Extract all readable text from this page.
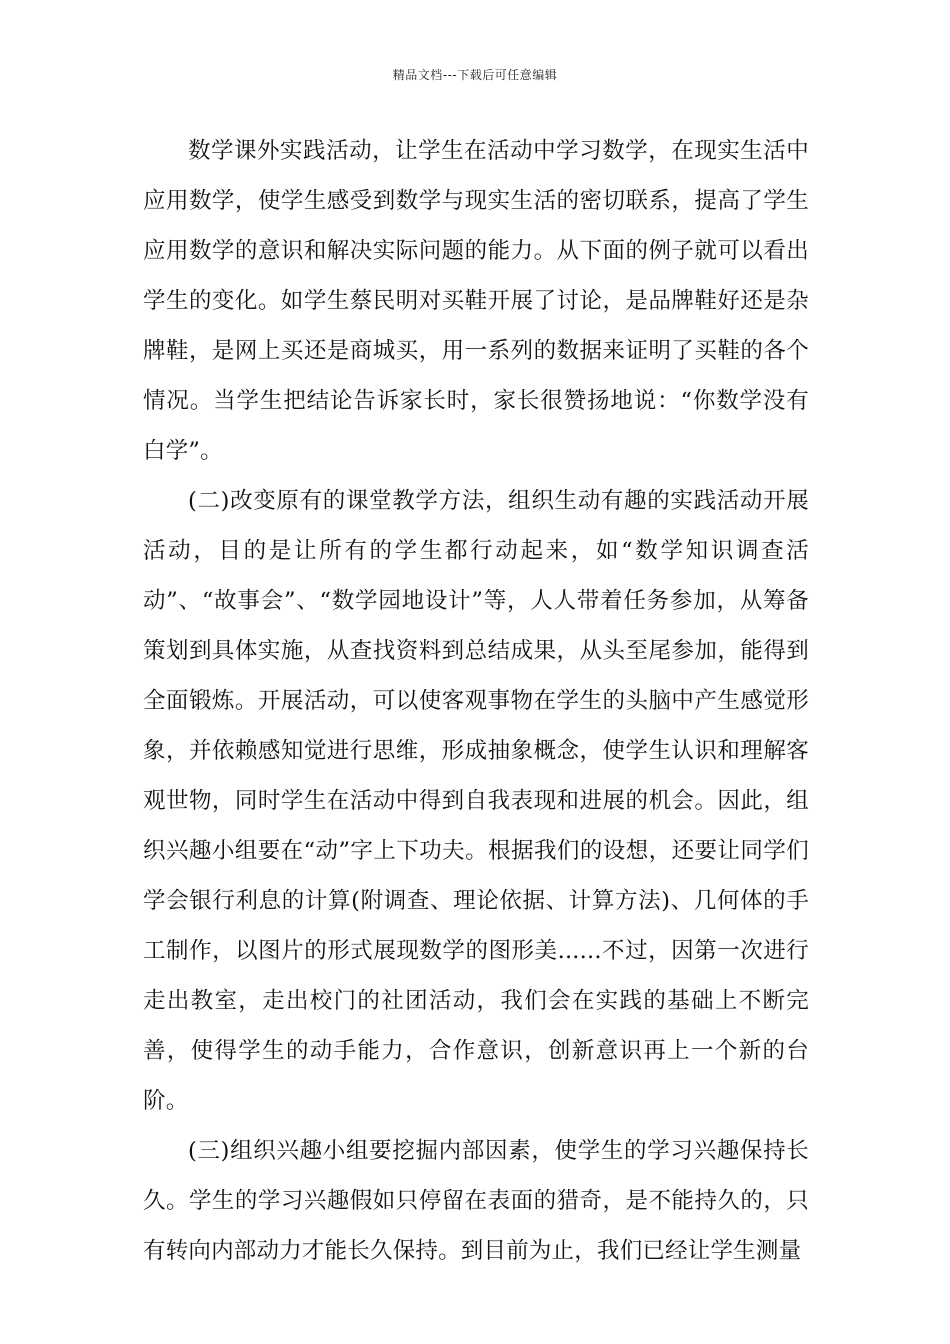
精品文档---下载后可任意编辑

数学课外实践活动，让学生在活动中学习数学，在现实生活中应用数学，使学生感受到数学与现实生活的密切联系，提高了学生应用数学的意识和解决实际问题的能力。从下面的例子就可以看出学生的变化。如学生蔡民明对买鞋开展了讨论，是品牌鞋好还是杂牌鞋，是网上买还是商城买，用一系列的数据来证明了买鞋的各个情况。当学生把结论告诉家长时，家长很赞扬地说：“你数学没有白学”。

(二)改变原有的课堂教学方法，组织生动有趣的实践活动开展活动，目的是让所有的学生都行动起来，如“数学知识调查活动”、“故事会”、“数学园地设计”等，人人带着任务参加，从筹备策划到具体实施，从查找资料到总结成果，从头至尾参加，能得到全面锻炼。开展活动，可以使客观事物在学生的头脑中产生感觉形象，并依赖感知觉进行思维，形成抽象概念，使学生认识和理解客观世物，同时学生在活动中得到自我表现和进展的机会。因此，组织兴趣小组要在“动”字上下功夫。根据我们的设想，还要让同学们学会银行利息的计算(附调查、理论依据、计算方法)、几何体的手工制作，以图片的形式展现数学的图形美......不过，因第一次进行走出教室，走出校门的社团活动，我们会在实践的基础上不断完善，使得学生的动手能力，合作意识，创新意识再上一个新的台阶。

(三)组织兴趣小组要挖掘内部因素，使学生的学习兴趣保持长久。学生的学习兴趣假如只停留在表面的猎奇，是不能持久的，只有转向内部动力才能长久保持。到目前为止，我们已经让学生测量
